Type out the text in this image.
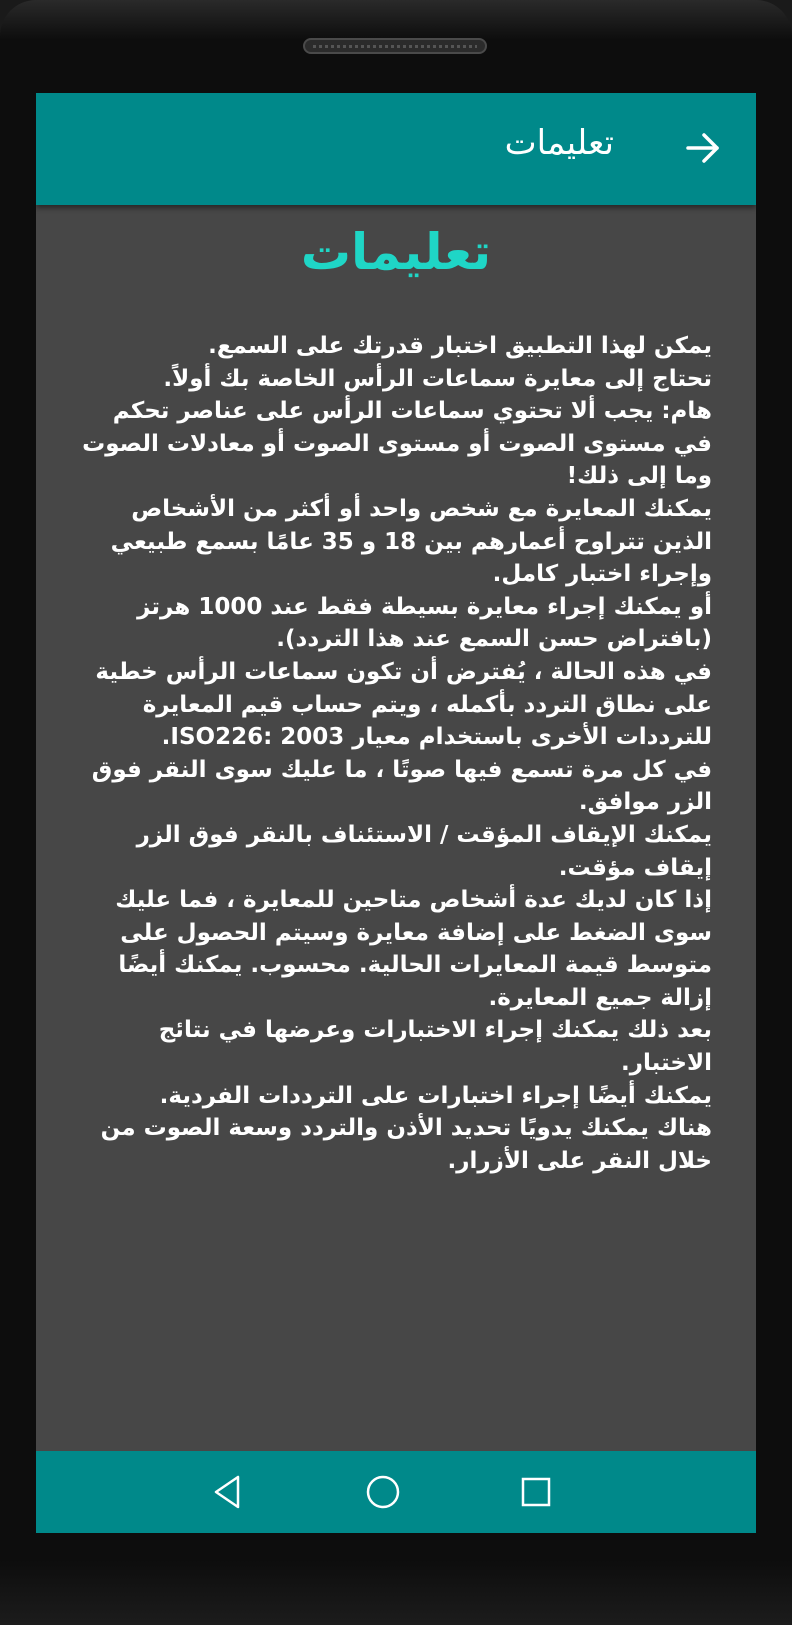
تعليمات
تعليمات

يمكن لهذا التطبيق اختبار قدرتك على السمع.

تحتاج إلى معايرة سماعات الرأس الخاصة بك أولاً.

هام: يجب ألا تحتوي سماعات الرأس على عناصر تحكم في مستوى الصوت أو مستوى الصوت أو معادلات الصوت وما إلى ذلك!

يمكنك المعايرة مع شخص واحد أو أكثر من الأشخاص الذين تتراوح أعمارهم بين 18 و 35 عامًا بسمع طبيعي وإجراء اختبار كامل.

أو يمكنك إجراء معايرة بسيطة فقط عند 1000 هرتز (بافتراض حسن السمع عند هذا التردد).

في هذه الحالة ، يُفترض أن تكون سماعات الرأس خطية على نطاق التردد بأكمله ، ويتم حساب قيم المعايرة للترددات الأخرى باستخدام معيار ISO226: 2003.

في كل مرة تسمع فيها صوتًا ، ما عليك سوى النقر فوق الزر موافق.

يمكنك الإيقاف المؤقت / الاستئناف بالنقر فوق الزر إيقاف مؤقت.

إذا كان لديك عدة أشخاص متاحين للمعايرة ، فما عليك سوى الضغط على إضافة معايرة وسيتم الحصول على متوسط قيمة المعايرات الحالية. محسوب. يمكنك أيضًا إزالة جميع المعايرة.

بعد ذلك يمكنك إجراء الاختبارات وعرضها في نتائج الاختبار.

يمكنك أيضًا إجراء اختبارات على الترددات الفردية.

هناك يمكنك يدويًا تحديد الأذن والتردد وسعة الصوت من خلال النقر على الأزرار.
